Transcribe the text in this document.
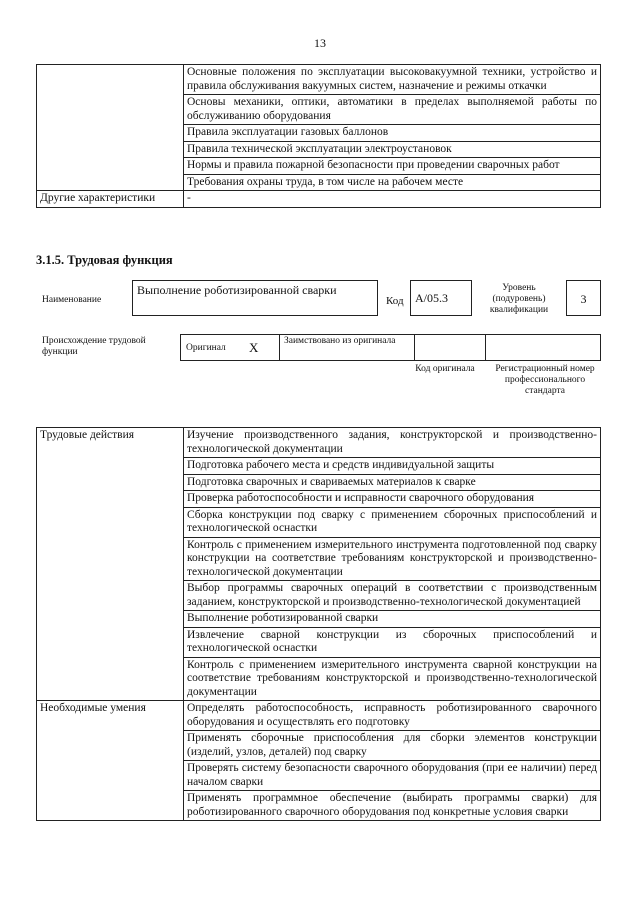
13
	Основные положения по эксплуатации высоковакуумной техники, устройство и правила обслуживания вакуумных систем, назначение и режимы откачки
	Основы механики, оптики, автоматики в пределах выполняемой работы по обслуживанию оборудования
	Правила эксплуатации газовых баллонов
	Правила технической эксплуатации электроустановок
	Нормы и правила пожарной безопасности при проведении сварочных работ
	Требования охраны труда, в том числе на рабочем месте
Другие характеристики	-
3.1.5. Трудовая функция
Наименование
Выполнение роботизированной сварки
Код А/05.3
Уровень (подуровень) квалификации
3
Происхождение трудовой функции	Оригинал Х	Заимствовано из оригинала
Код оригинала	Регистрационный номер профессионального стандарта
Трудовые действия	Изучение производственного задания, конструкторской и производственно-технологической документации
	Подготовка рабочего места и средств индивидуальной защиты
	Подготовка сварочных и свариваемых материалов к сварке
	Проверка работоспособности и исправности сварочного оборудования
	Сборка конструкции под сварку с применением сборочных приспособлений и технологической оснастки
	Контроль с применением измерительного инструмента подготовленной под сварку конструкции на соответствие требованиям конструкторской и производственно-технологической документации
	Выбор программы сварочных операций в соответствии с производственным заданием, конструкторской и производственно-технологической документацией
	Выполнение роботизированной сварки
	Извлечение сварной конструкции из сборочных приспособлений и технологической оснастки
	Контроль с применением измерительного инструмента сварной конструкции на соответствие требованиям конструкторской и производственно-технологической документации
Необходимые умения	Определять работоспособность, исправность роботизированного сварочного оборудования и осуществлять его подготовку
	Применять сборочные приспособления для сборки элементов конструкции (изделий, узлов, деталей) под сварку
	Проверять систему безопасности сварочного оборудования (при ее наличии) перед началом сварки
	Применять программное обеспечение (выбирать программы сварки) для роботизированного сварочного оборудования под конкретные условия сварки
